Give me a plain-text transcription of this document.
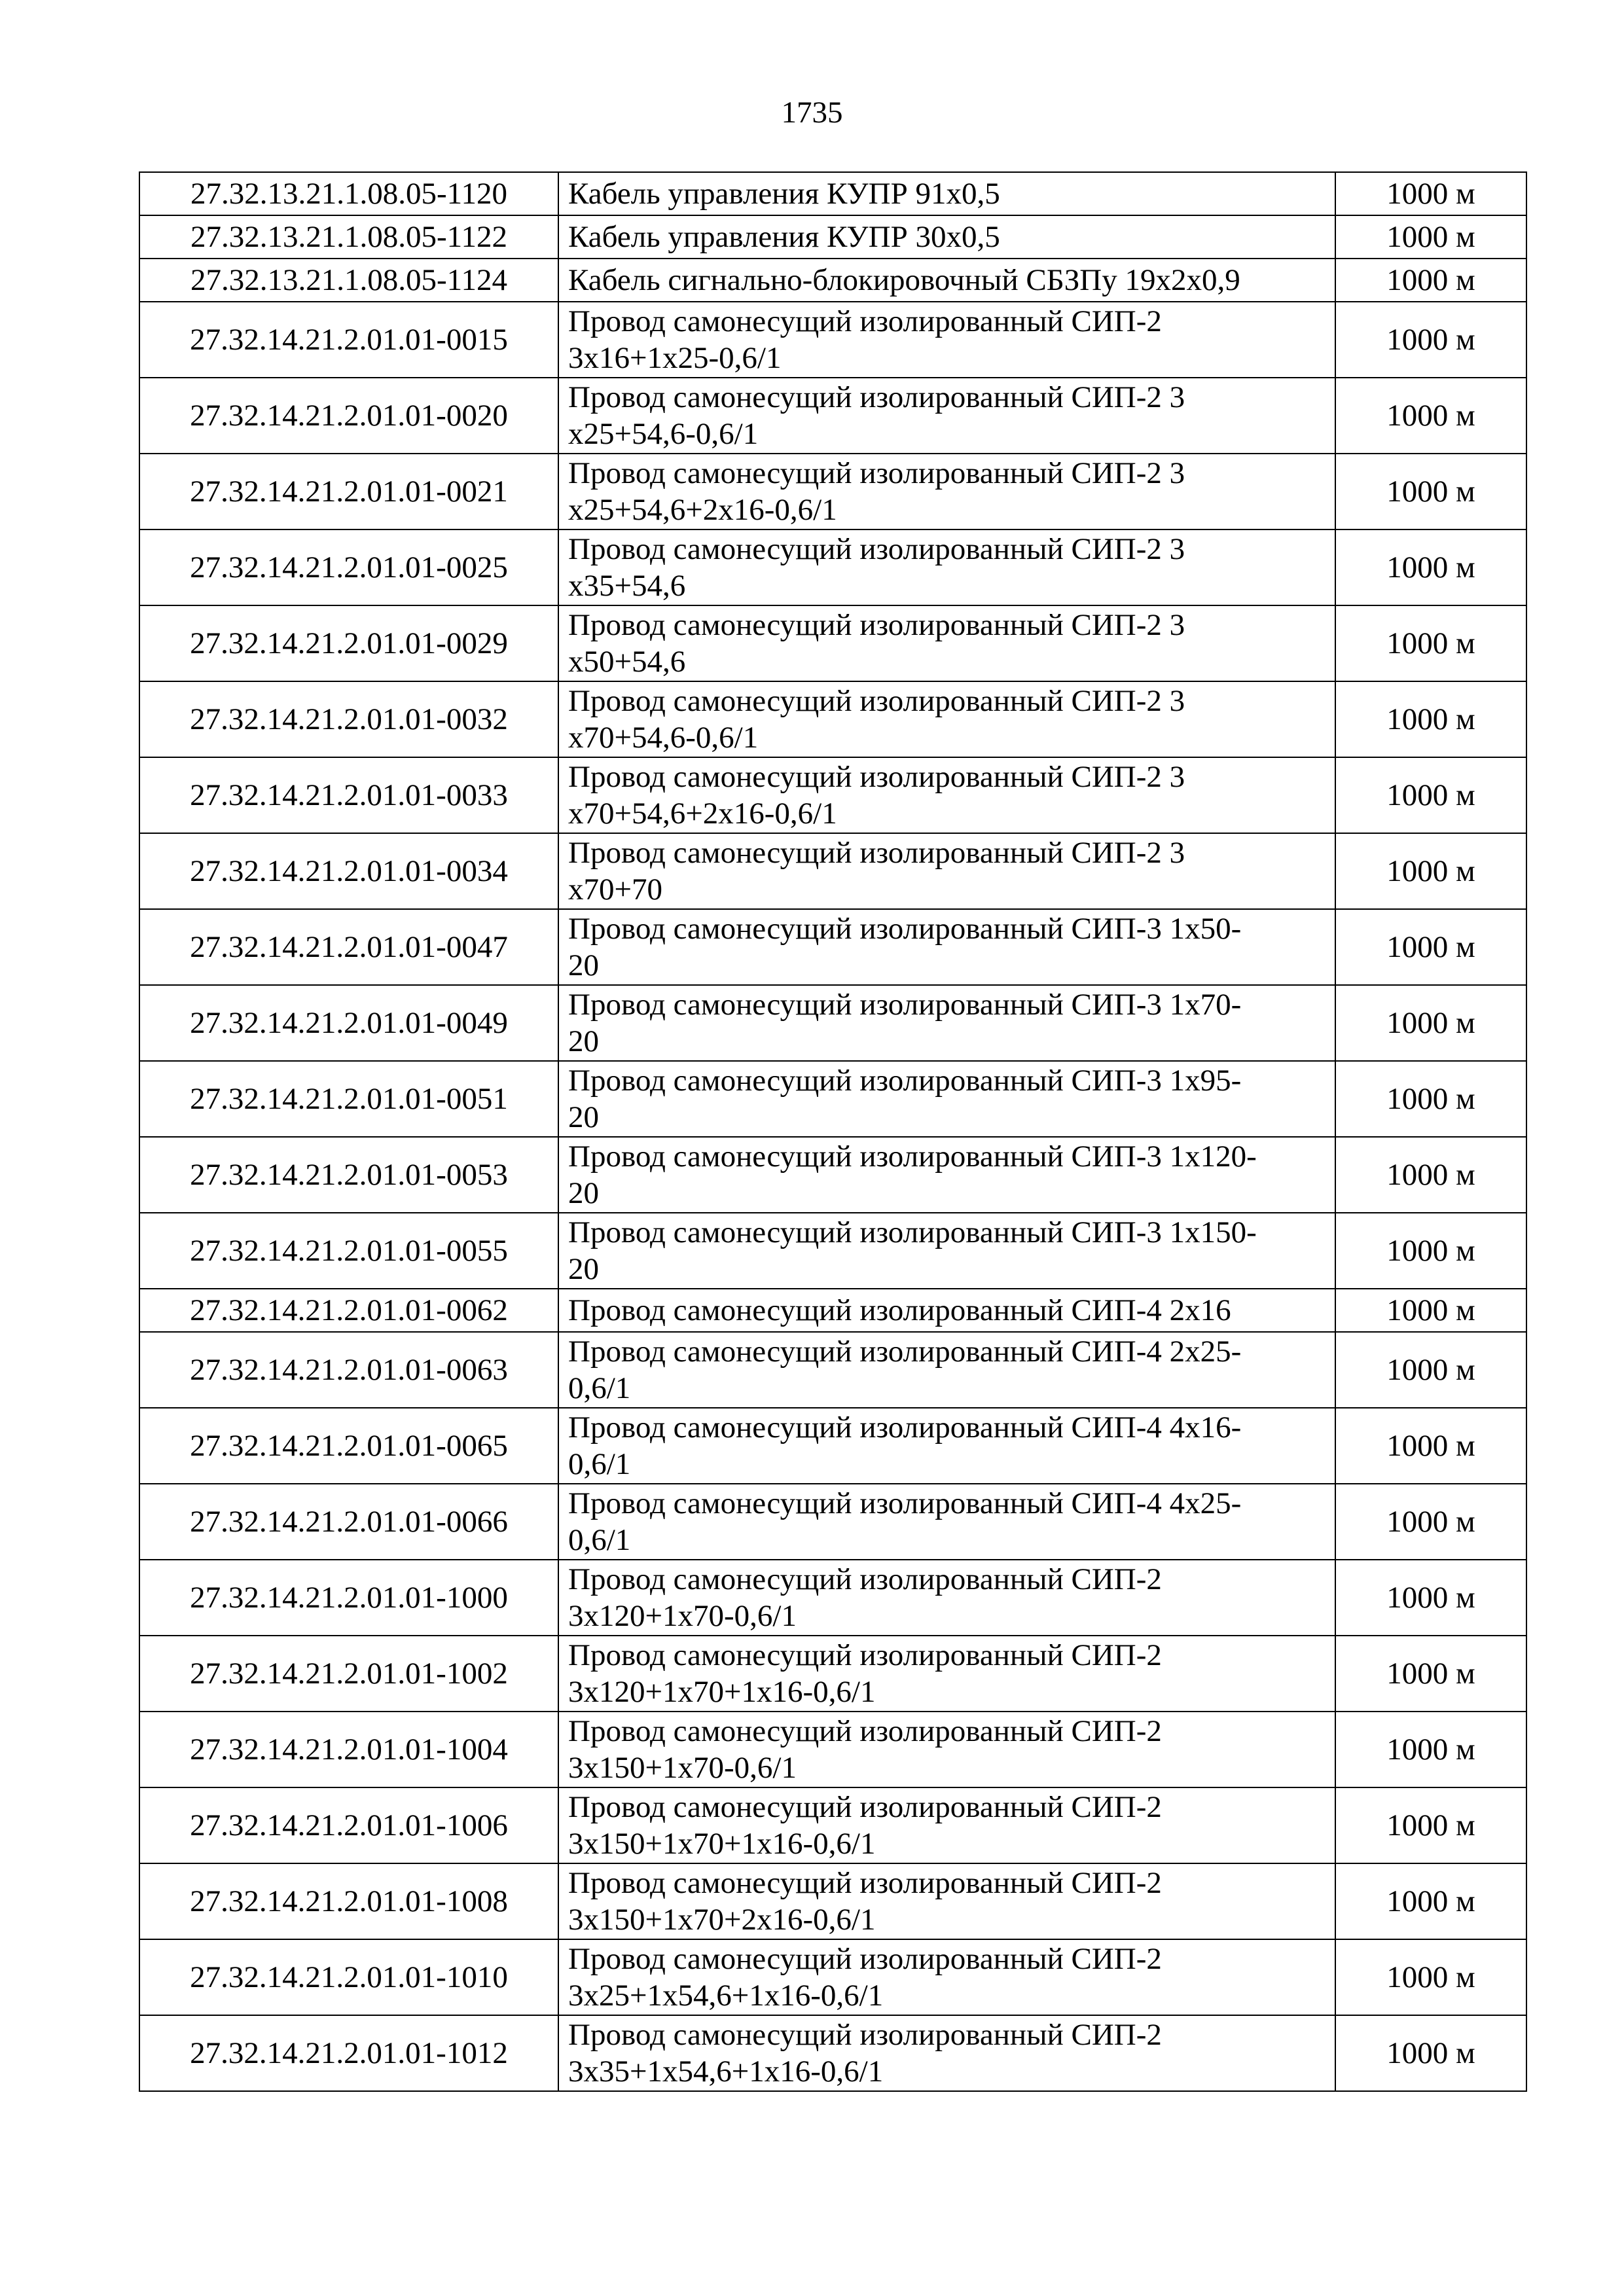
1735
27.32.13.21.1.08.05-1120	Кабель управления КУПР 91х0,5	1000 м
27.32.13.21.1.08.05-1122	Кабель управления КУПР 30х0,5	1000 м
27.32.13.21.1.08.05-1124	Кабель сигнально-блокировочный СБЗПу 19х2х0,9	1000 м
27.32.14.21.2.01.01-0015	Провод самонесущий изолированный СИП-2
3х16+1х25-0,6/1	1000 м
27.32.14.21.2.01.01-0020	Провод самонесущий изолированный СИП-2 3
х25+54,6-0,6/1	1000 м
27.32.14.21.2.01.01-0021	Провод самонесущий изолированный СИП-2 3
х25+54,6+2х16-0,6/1	1000 м
27.32.14.21.2.01.01-0025	Провод самонесущий изолированный СИП-2 3
х35+54,6	1000 м
27.32.14.21.2.01.01-0029	Провод самонесущий изолированный СИП-2 3
х50+54,6	1000 м
27.32.14.21.2.01.01-0032	Провод самонесущий изолированный СИП-2 3
х70+54,6-0,6/1	1000 м
27.32.14.21.2.01.01-0033	Провод самонесущий изолированный СИП-2 3
х70+54,6+2х16-0,6/1	1000 м
27.32.14.21.2.01.01-0034	Провод самонесущий изолированный СИП-2 3
х70+70	1000 м
27.32.14.21.2.01.01-0047	Провод самонесущий изолированный СИП-3 1х50-
20	1000 м
27.32.14.21.2.01.01-0049	Провод самонесущий изолированный СИП-3 1х70-
20	1000 м
27.32.14.21.2.01.01-0051	Провод самонесущий изолированный СИП-3 1х95-
20	1000 м
27.32.14.21.2.01.01-0053	Провод самонесущий изолированный СИП-3 1х120-
20	1000 м
27.32.14.21.2.01.01-0055	Провод самонесущий изолированный СИП-3 1х150-
20	1000 м
27.32.14.21.2.01.01-0062	Провод самонесущий изолированный СИП-4 2х16	1000 м
27.32.14.21.2.01.01-0063	Провод самонесущий изолированный СИП-4 2х25-
0,6/1	1000 м
27.32.14.21.2.01.01-0065	Провод самонесущий изолированный СИП-4 4х16-
0,6/1	1000 м
27.32.14.21.2.01.01-0066	Провод самонесущий изолированный СИП-4 4х25-
0,6/1	1000 м
27.32.14.21.2.01.01-1000	Провод самонесущий изолированный СИП-2
3х120+1х70-0,6/1	1000 м
27.32.14.21.2.01.01-1002	Провод самонесущий изолированный СИП-2
3х120+1х70+1х16-0,6/1	1000 м
27.32.14.21.2.01.01-1004	Провод самонесущий изолированный СИП-2
3х150+1х70-0,6/1	1000 м
27.32.14.21.2.01.01-1006	Провод самонесущий изолированный СИП-2
3х150+1х70+1х16-0,6/1	1000 м
27.32.14.21.2.01.01-1008	Провод самонесущий изолированный СИП-2
3х150+1х70+2х16-0,6/1	1000 м
27.32.14.21.2.01.01-1010	Провод самонесущий изолированный СИП-2
3х25+1х54,6+1х16-0,6/1	1000 м
27.32.14.21.2.01.01-1012	Провод самонесущий изолированный СИП-2
3х35+1х54,6+1х16-0,6/1	1000 м
